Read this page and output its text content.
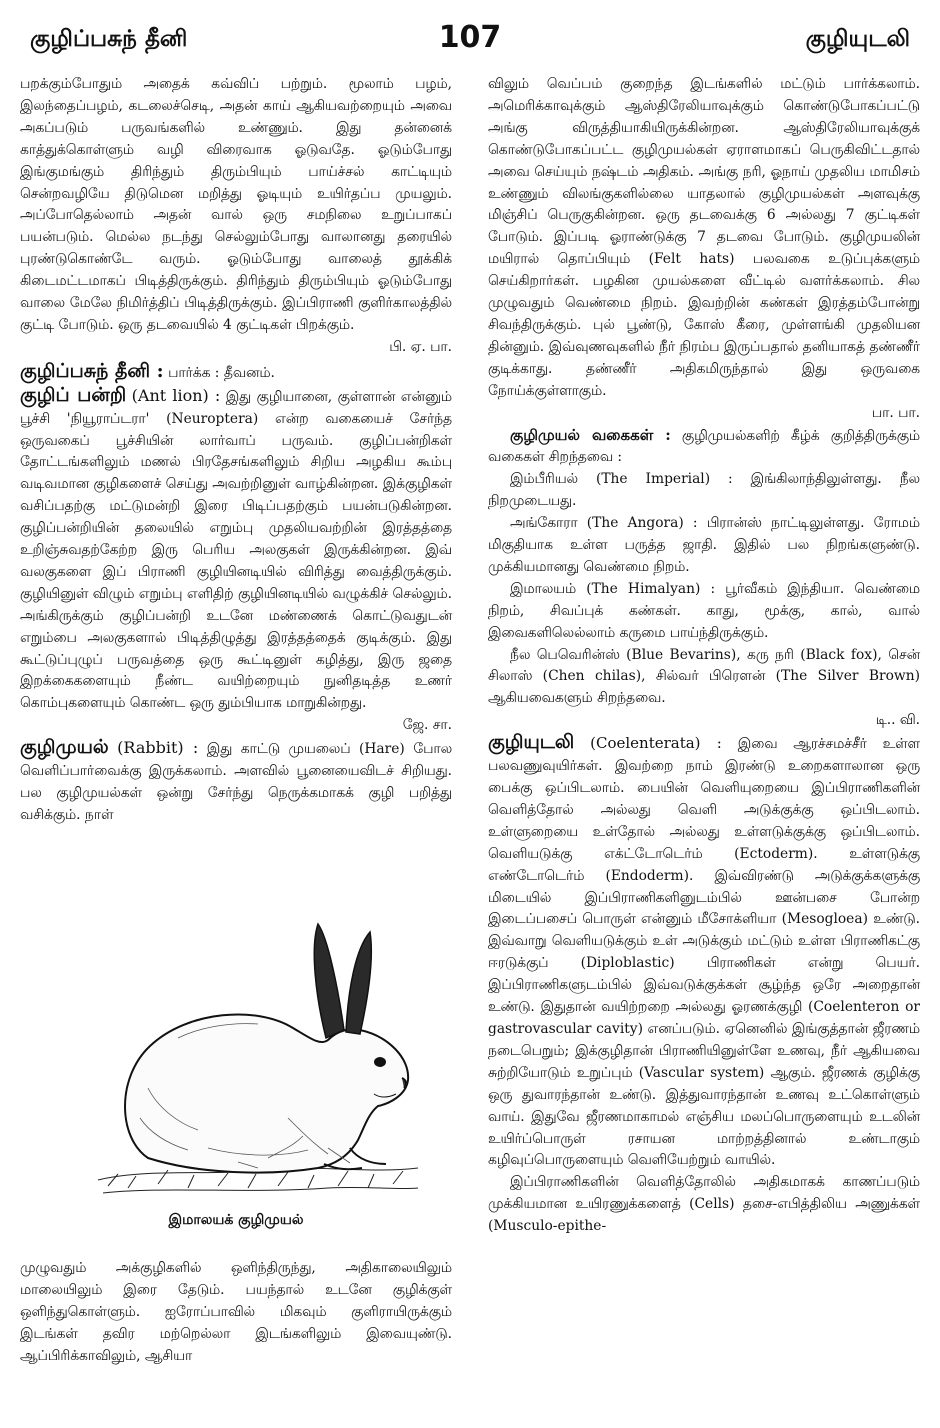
குழிப்பசுந் தீனி	107	குழியுடலி

பறக்கும்போதும் அதைக் கவ்விப் பற்றும். மூலாம் பழம், இலந்தைப்பழம், கடலைச்செடி, அதன் காய் ஆகியவற்றையும் அவை அகப்படும் பருவங்களில் உண்ணும். இது தன்னைக் காத்துக்கொள்ளும் வழி விரைவாக ஓடுவதே. ஓடும்போது இங்குமங்கும் திரிந்தும் திரும்பியும் பாய்ச்சல் காட்டியும் சென்றவழியே திடுமென மறித்து ஓடியும் உயிர்தப்ப முயலும். அப்போதெல்லாம் அதன் வால் ஒரு சமநிலை உறுப்பாகப் பயன்படும். மெல்ல நடந்து செல்லும்போது வாலானது தரையில் புரண்டுகொண்டே வரும். ஓடும்போது வாலைத் தூக்கிக் கிடைமட்டமாகப் பிடித்திருக்கும். திரிந்தும் திரும்பியும் ஓடும்போது வாலை மேலே நிமிர்த்திப் பிடித்திருக்கும். இப்பிராணி குளிர்காலத்தில் குட்டி போடும். ஒரு தடவையில் 4 குட்டிகள் பிறக்கும்.

பி. ஏ. பா.

குழிப்பசுந் தீனி : பார்க்க : தீவனம்.

குழிப் பன்றி (Ant lion) : இது குழியானை, குள்ளான் என்னும் பூச்சி 'நியூராப்டரா' (Neuroptera) என்ற வகையைச் சேர்ந்த ஒருவகைப் பூச்சியின் லார்வாப் பருவம். குழிப்பன்றிகள் தோட்டங்களிலும் மணல் பிரதேசங்களிலும் சிறிய அழகிய கூம்பு வடிவமான குழிகளைச் செய்து அவற்றினுள் வாழ்கின்றன. இக்குழிகள் வசிப்பதற்கு மட்டுமன்றி இரை பிடிப்பதற்கும் பயன்படுகின்றன. குழிப்பன்றியின் தலையில் எறும்பு முதலியவற்றின் இரத்தத்தை உறிஞ்சுவதற்கேற்ற இரு பெரிய அலகுகள் இருக்கின்றன. இவ் வலகுகளை இப் பிராணி குழியினடியில் விரித்து வைத்திருக்கும். குழியினுள் விழும் எறும்பு எளிதிற் குழியினடியில் வழுக்கிச் செல்லும். அங்கிருக்கும் குழிப்பன்றி உடனே மண்ணைக் கொட்டுவதுடன் எறும்பை அலகுகளால் பிடித்திழுத்து இரத்தத்தைக் குடிக்கும். இது கூட்டுப்புழுப் பருவத்தை ஒரு கூட்டினுள் கழித்து, இரு ஜதை இறக்கைகளையும் நீண்ட வயிற்றையும் நுனிதடித்த உணர் கொம்புகளையும் கொண்ட ஒரு தும்பியாக மாறுகின்றது.

ஜே. சா.

குழிமுயல் (Rabbit) : இது காட்டு முயலைப் (Hare) போல வெளிப்பார்வைக்கு இருக்கலாம். அளவில் பூனையைவிடச் சிறியது. பல குழிமுயல்கள் ஒன்று சேர்ந்து நெருக்கமாகக் குழி பறித்து வசிக்கும். நாள்

இமாலயக் குழிமுயல்

முழுவதும் அக்குழிகளில் ஒளிந்திருந்து, அதிகாலையிலும் மாலையிலும் இரை தேடும். பயந்தால் உடனே குழிக்குள் ஒளிந்துகொள்ளும். ஐரோப்பாவில் மிகவும் குளிராயிருக்கும் இடங்கள் தவிர மற்றெல்லா இடங்களிலும் இவையுண்டு. ஆப்பிரிக்காவிலும், ஆசியா

விலும் வெப்பம் குறைந்த இடங்களில் மட்டும் பார்க்கலாம். அமெரிக்காவுக்கும் ஆஸ்திரேலியாவுக்கும் கொண்டுபோகப்பட்டு அங்கு விருத்தியாகியிருக்கின்றன. ஆஸ்திரேலியாவுக்குக் கொண்டுபோகப்பட்ட குழிமுயல்கள் ஏராளமாகப் பெருகிவிட்டதால் அவை செய்யும் நஷ்டம் அதிகம். அங்கு நரி, ஓநாய் முதலிய மாமிசம் உண்ணும் விலங்குகளில்லை யாதலால் குழிமுயல்கள் அளவுக்கு மிஞ்சிப் பெருகுகின்றன. ஒரு தடவைக்கு 6 அல்லது 7 குட்டிகள் போடும். இப்படி ஓராண்டுக்கு 7 தடவை போடும். குழிமுயலின் மயிரால் தொப்பியும் (Felt hats) பலவகை உடுப்புக்களும் செய்கிறார்கள். பழகின முயல்களை வீட்டில் வளர்க்கலாம். சில முழுவதும் வெண்மை நிறம். இவற்றின் கண்கள் இரத்தம்போன்று சிவந்திருக்கும். புல் பூண்டு, கோஸ் கீரை, முள்ளங்கி முதலியன தின்னும். இவ்வுணவுகளில் நீர் நிரம்ப இருப்பதால் தனியாகத் தண்ணீர் குடிக்காது. தண்ணீர் அதிகமிருந்தால் இது ஒருவகை நோய்க்குள்ளாகும்.

பா. பா.

குழிமுயல் வகைகள் : குழிமுயல்களிற் கீழ்க் குறித்திருக்கும் வகைகள் சிறந்தவை :

இம்பீரியல் (The Imperial) : இங்கிலாந்திலுள்ளது. நீல நிறமுடையது.

அங்கோரா (The Angora) : பிரான்ஸ் நாட்டிலுள்ளது. ரோமம் மிகுதியாக உள்ள பருத்த ஜாதி. இதில் பல நிறங்களுண்டு. முக்கியமானது வெண்மை நிறம்.

இமாலயம் (The Himalyan) : பூர்வீகம் இந்தியா. வெண்மை நிறம், சிவப்புக் கண்கள். காது, மூக்கு, கால், வால் இவைகளிலெல்லாம் கருமை பாய்ந்திருக்கும்.

நீல பெவெரின்ஸ் (Blue Bevarins), கரு நரி (Black fox), சென் சிலாஸ் (Chen chilas), சில்வர் பிரௌன் (The Silver Brown) ஆகியவைகளும் சிறந்தவை.

டி.. வி.

குழியுடலி (Coelenterata) : இவை ஆரச்சமச்சீர் உள்ள பலவணுவுயிர்கள். இவற்றை நாம் இரண்டு உறைகளாலான ஒரு பைக்கு ஒப்பிடலாம். பையின் வெளியுறையை இப்பிராணிகளின் வெளித்தோல் அல்லது வெளி அடுக்குக்கு ஒப்பிடலாம். உள்ளுறையை உள்தோல் அல்லது உள்ளடுக்குக்கு ஒப்பிடலாம். வெளியடுக்கு எக்ட்டோடெர்ம் (Ectoderm). உள்ளடுக்கு எண்டோடெர்ம் (Endoderm). இவ்விரண்டு அடுக்குக்களுக்கு மிடையில் இப்பிராணிகளினுடம்பில் ஊன்பசை போன்ற இடைப்பசைப் பொருள் என்னும் மீசோக்ளியா (Mesogloea) உண்டு. இவ்வாறு வெளியடுக்கும் உள் அடுக்கும் மட்டும் உள்ள பிராணிகட்கு ஈரடுக்குப் (Diploblastic) பிராணிகள் என்று பெயர். இப்பிராணிகளுடம்பில் இவ்வடுக்குக்கள் சூழ்ந்த ஒரே அறைதான் உண்டு. இதுதான் வயிற்றறை அல்லது ஓரணக்குழி (Coelenteron or gastrovascular cavity) எனப்படும். ஏனெனில் இங்குத்தான் ஜீரணம் நடைபெறும்; இக்குழிதான் பிராணியினுள்ளே உணவு, நீர் ஆகியவை சுற்றியோடும் உறுப்பும் (Vascular system) ஆகும். ஜீரணக் குழிக்கு ஒரு துவாரந்தான் உண்டு. இத்துவாரந்தான் உணவு உட்கொள்ளும் வாய். இதுவே ஜீரணமாகாமல் எஞ்சிய மலப்பொருளையும் உடலின் உயிர்ப்பொருள் ரசாயன மாற்றத்தினால் உண்டாகும் கழிவுப்பொருளையும் வெளியேற்றும் வாயில்.

இப்பிராணிகளின் வெளித்தோலில் அதிகமாகக் காணப்படும் முக்கியமான உயிரணுக்களைத் (Cells) தசை-எபித்திலிய அணுக்கள் (Musculo-epithe-
